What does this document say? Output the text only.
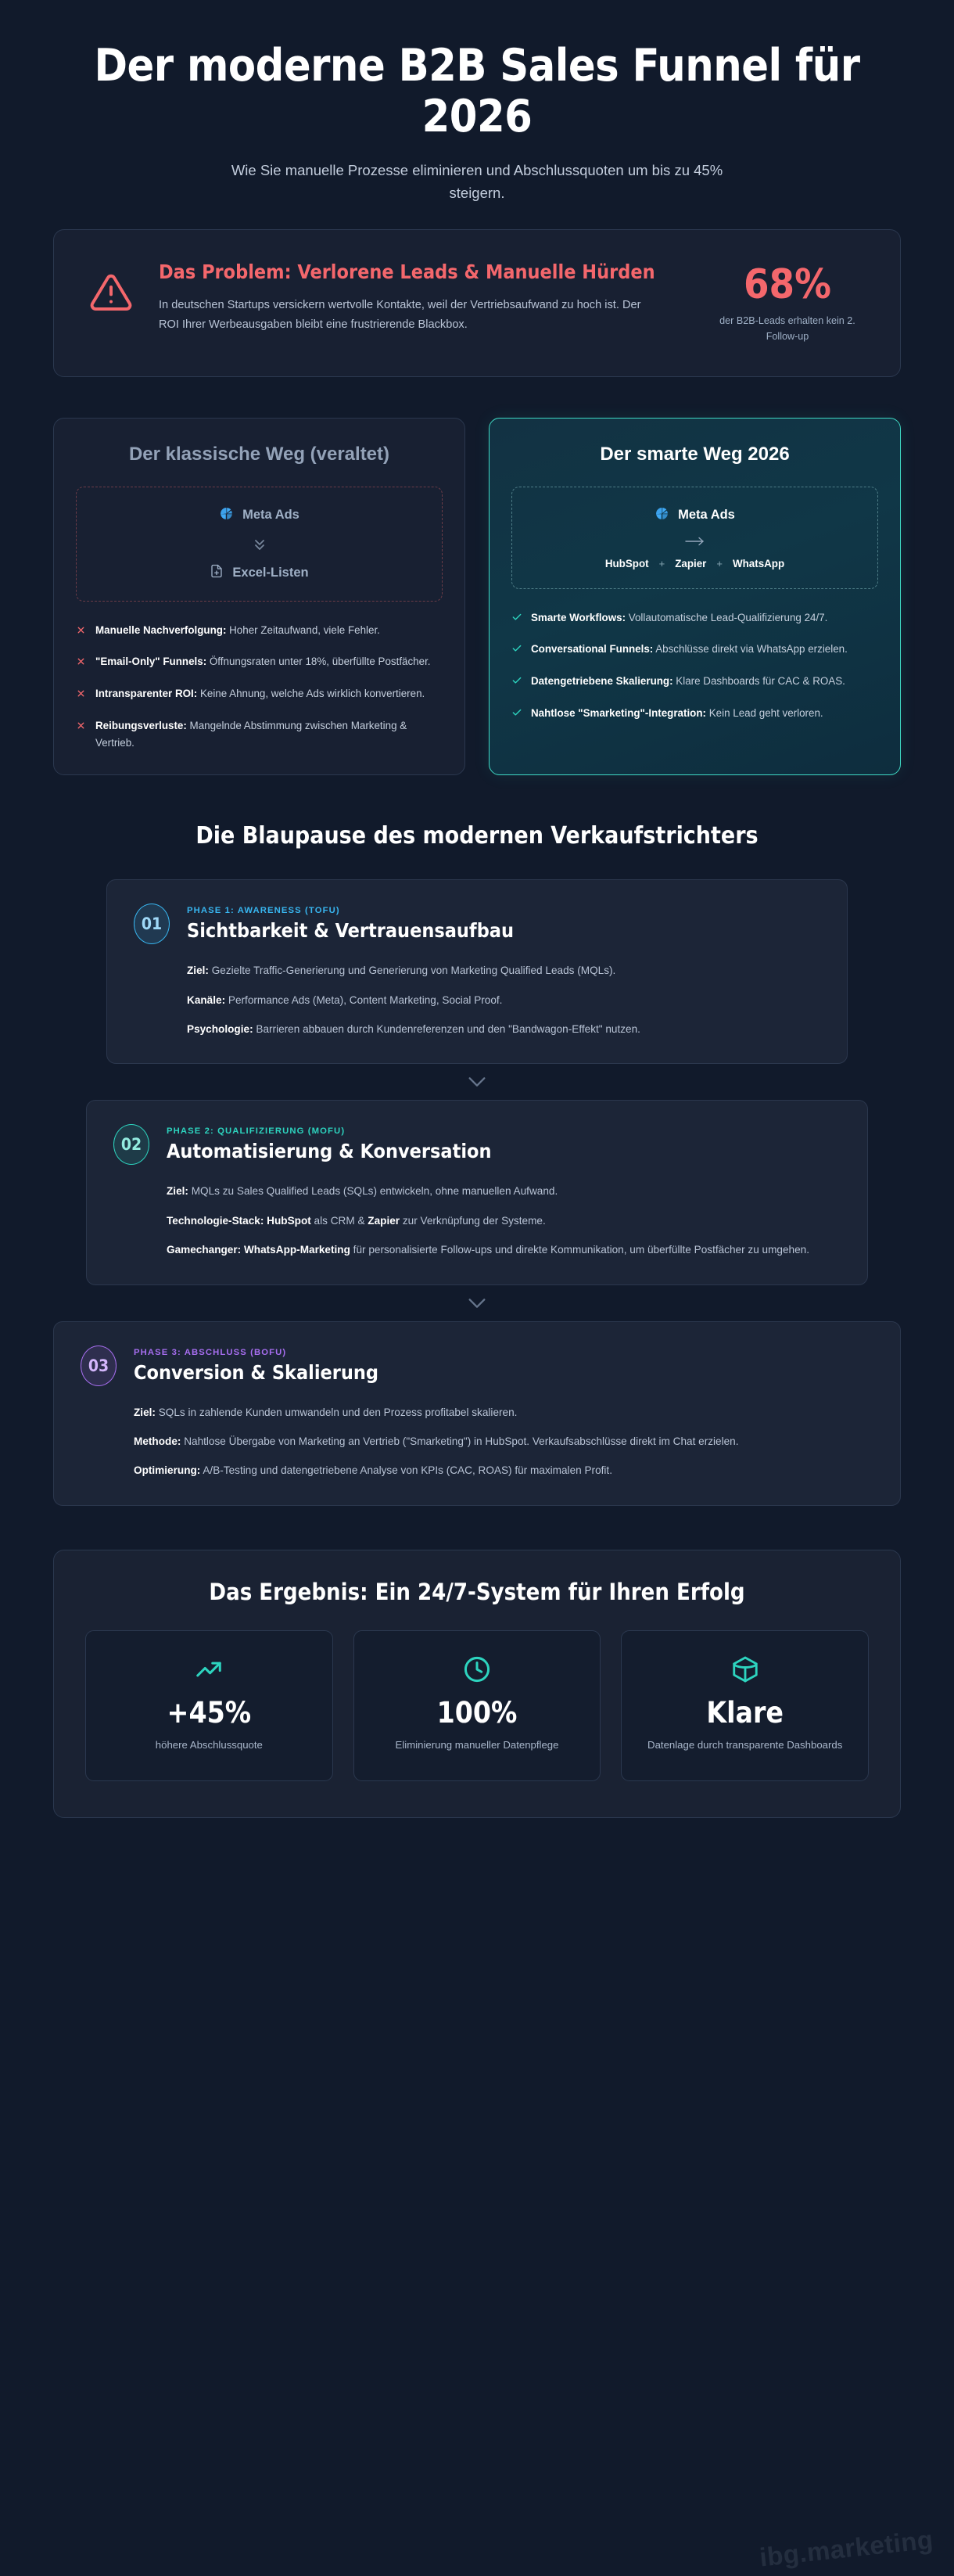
Der moderne B2B Sales Funnel für 2026

Wie Sie manuelle Prozesse eliminieren und Abschlussquoten um bis zu 45% steigern.

Das Problem: Verlorene Leads & Manuelle Hürden
In deutschen Startups versickern wertvolle Kontakte, weil der Vertriebsaufwand zu hoch ist. Der ROI Ihrer Werbeausgaben bleibt eine frustrierende Blackbox.
68%
der B2B-Leads erhalten kein 2. Follow-up
Der klassische Weg (veraltet)
Meta Ads
Excel-Listen
Manuelle Nachverfolgung: Hoher Zeitaufwand, viele Fehler.
"Email-Only" Funnels: Öffnungsraten unter 18%, überfüllte Postfächer.
Intransparenter ROI: Keine Ahnung, welche Ads wirklich konvertieren.
Reibungsverluste: Mangelnde Abstimmung zwischen Marketing & Vertrieb.
Der smarte Weg 2026
Meta Ads
HubSpot + Zapier + WhatsApp
Smarte Workflows: Vollautomatische Lead-Qualifizierung 24/7.
Conversational Funnels: Abschlüsse direkt via WhatsApp erzielen.
Datengetriebene Skalierung: Klare Dashboards für CAC & ROAS.
Nahtlose "Smarketing"-Integration: Kein Lead geht verloren.
Die Blaupause des modernen Verkaufstrichters
01
PHASE 1: AWARENESS (TOFU)
Sichtbarkeit & Vertrauensaufbau
Ziel: Gezielte Traffic-Generierung und Generierung von Marketing Qualified Leads (MQLs).
Kanäle: Performance Ads (Meta), Content Marketing, Social Proof.
Psychologie: Barrieren abbauen durch Kundenreferenzen und den "Bandwagon-Effekt" nutzen.
02
PHASE 2: QUALIFIZIERUNG (MOFU)
Automatisierung & Konversation
Ziel: MQLs zu Sales Qualified Leads (SQLs) entwickeln, ohne manuellen Aufwand.
Technologie-Stack: HubSpot als CRM & Zapier zur Verknüpfung der Systeme.
Gamechanger: WhatsApp-Marketing für personalisierte Follow-ups und direkte Kommunikation, um überfüllte Postfächer zu umgehen.
03
PHASE 3: ABSCHLUSS (BOFU)
Conversion & Skalierung
Ziel: SQLs in zahlende Kunden umwandeln und den Prozess profitabel skalieren.
Methode: Nahtlose Übergabe von Marketing an Vertrieb ("Smarketing") in HubSpot. Verkaufsabschlüsse direkt im Chat erzielen.
Optimierung: A/B-Testing und datengetriebene Analyse von KPIs (CAC, ROAS) für maximalen Profit.
Das Ergebnis: Ein 24/7-System für Ihren Erfolg
+45%
höhere Abschlussquote
100%
Eliminierung manueller Datenpflege
Klare
Datenlage durch transparente Dashboards
ibg.marketing
